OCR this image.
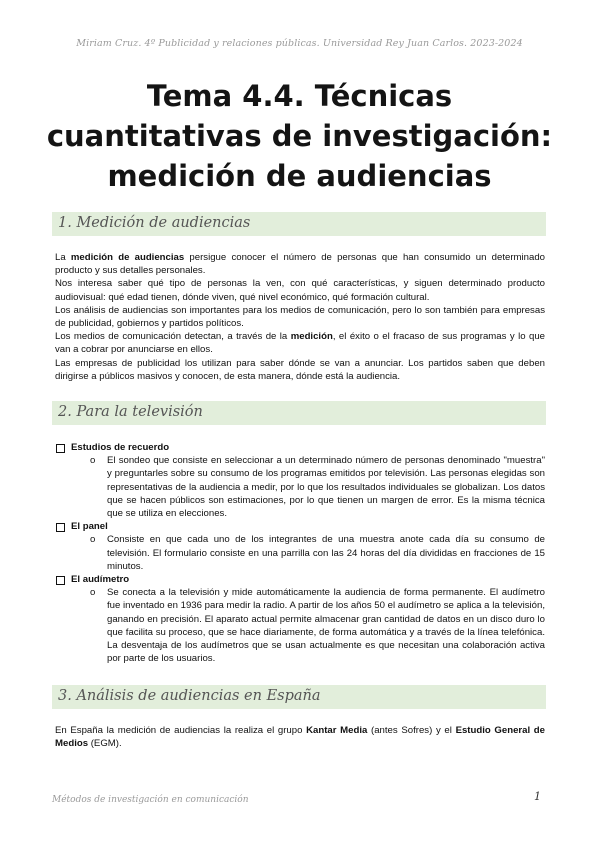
Miriam Cruz. 4º Publicidad y relaciones públicas. Universidad Rey Juan Carlos. 2023-2024
Tema 4.4. Técnicas cuantitativas de investigación: medición de audiencias
1. Medición de audiencias

La medición de audiencias persigue conocer el número de personas que han consumido un determinado producto y sus detalles personales.

Nos interesa saber qué tipo de personas la ven, con qué características, y siguen determinado producto audiovisual: qué edad tienen, dónde viven, qué nivel económico, qué formación cultural.

Los análisis de audiencias son importantes para los medios de comunicación, pero lo son también para empresas de publicidad, gobiernos y partidos políticos.

Los medios de comunicación detectan, a través de la medición, el éxito o el fracaso de sus programas y lo que van a cobrar por anunciarse en ellos.

Las empresas de publicidad los utilizan para saber dónde se van a anunciar. Los partidos saben que deben dirigirse a públicos masivos y conocen, de esta manera, dónde está la audiencia.

2. Para la televisión
Estudios de recuerdo
o El sondeo que consiste en seleccionar a un determinado número de personas denominado "muestra" y preguntarles sobre su consumo de los programas emitidos por televisión. Las personas elegidas son representativas de la audiencia a medir, por lo que los resultados individuales se globalizan. Los datos que se hacen públicos son estimaciones, por lo que tienen un margen de error. Es la misma técnica que se utiliza en elecciones.
El panel
o Consiste en que cada uno de los integrantes de una muestra anote cada día su consumo de televisión. El formulario consiste en una parrilla con las 24 horas del día divididas en fracciones de 15 minutos.
El audímetro
o Se conecta a la televisión y mide automáticamente la audiencia de forma permanente. El audímetro fue inventado en 1936 para medir la radio. A partir de los años 50 el audímetro se aplica a la televisión, ganando en precisión. El aparato actual permite almacenar gran cantidad de datos en un disco duro lo que facilita su proceso, que se hace diariamente, de forma automática y a través de la línea telefónica. La desventaja de los audímetros que se usan actualmente es que necesitan una colaboración activa por parte de los usuarios.
3. Análisis de audiencias en España

En España la medición de audiencias la realiza el grupo Kantar Media (antes Sofres) y el Estudio General de Medios (EGM).

Métodos de investigación en comunicación	1
